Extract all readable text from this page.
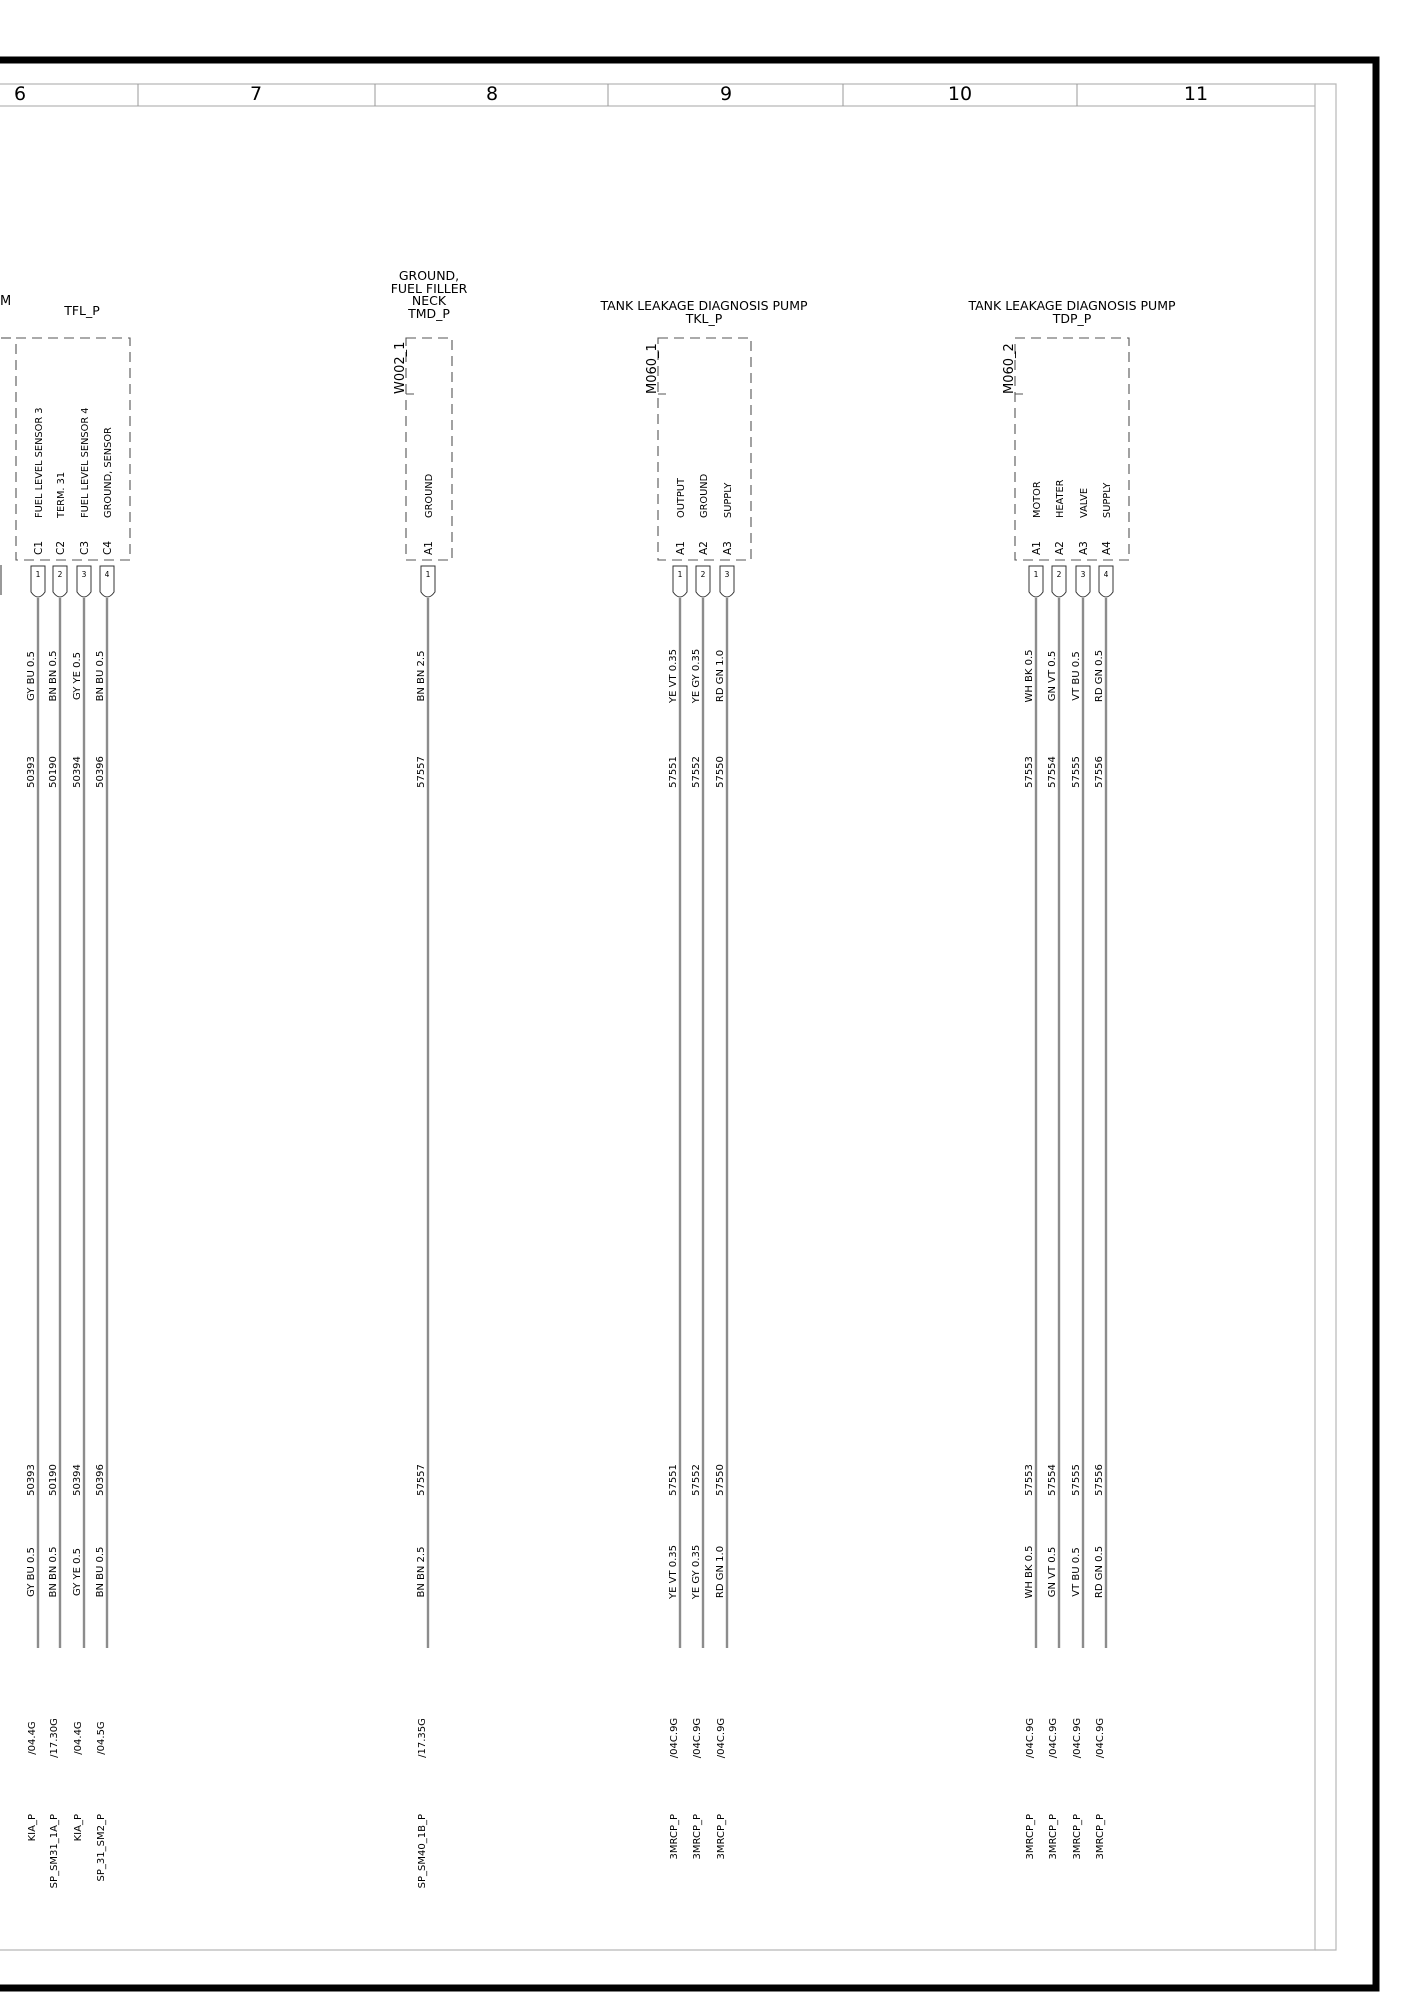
6	7	8	9	10	11
M
TFL_P
FUEL LEVEL SENSOR 3
C1
1
GY BU 0.5
50393
50393
GY BU 0.5
KIA_P
/04.4G
TERM. 31
C2
2
BN BN 0.5
50190
50190
BN BN 0.5
SP_SM31_1A_P
/17.30G
FUEL LEVEL SENSOR 4
C3
3
GY YE 0.5
50394
50394
GY YE 0.5
KIA_P
/04.4G
GROUND, SENSOR
C4
4
BN BU 0.5
50396
50396
BN BU 0.5
SP_31_SM2_P
/04.5G
GROUND,
FUEL FILLER
NECK
TMD_P
W002_1
GROUND
A1
1
BN BN 2.5
57557
57557
BN BN 2.5
SP_SM40_1B_P
/17.35G
TANK LEAKAGE DIAGNOSIS PUMP
TKL_P
M060_1
OUTPUT
A1
1
YE VT 0.35
57551
57551
YE VT 0.35
3MRCP_P
/04C.9G
GROUND
A2
2
YE GY 0.35
57552
57552
YE GY 0.35
3MRCP_P
/04C.9G
SUPPLY
A3
3
RD GN 1.0
57550
57550
RD GN 1.0
3MRCP_P
/04C.9G
TANK LEAKAGE DIAGNOSIS PUMP
TDP_P
M060_2
MOTOR
A1
1
WH BK 0.5
57553
57553
WH BK 0.5
3MRCP_P
/04C.9G
HEATER
A2
2
GN VT 0.5
57554
57554
GN VT 0.5
3MRCP_P
/04C.9G
VALVE
A3
3
VT BU 0.5
57555
57555
VT BU 0.5
3MRCP_P
/04C.9G
SUPPLY
A4
4
RD GN 0.5
57556
57556
RD GN 0.5
3MRCP_P
/04C.9G
